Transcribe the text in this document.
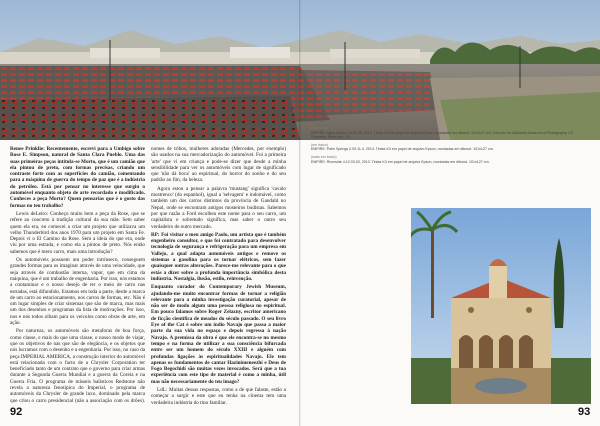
Renee Prinklie: Recentemente, escrevi para a Umbigo sobre Rose E. Simpson, natural de Santa Clara Pueblo. Uma das suas primeiras peças intitula-se Morto, que é um camião que ela pintou de preto, com formas precisas, criando um contraste forte com as superfícies do camião, comentando para a máquina de guerra do tempo de paz que é a indústria do petróleo. Está por pensar no interesse que surgiu o automóvel enquanto objeto de arte recordado e modificado. Conheces a peça Morto? Quem pensarias que é o gosto das formas no teu trabalho?

Lewis deLeiro: Conheço muito bem a peça da Rose, que se refere ao concreto à tradição cultural da sua mãe. Sem saber quem ela era, eu comecei a criar um projeto que utilizava um velho Thunderbird dos anos 1970 para um projeto em Santa Fe. Depois vi o El Camino da Rose. Sem a ideia do que era, onde viu por uma estrada, e como ela a pintou de preto. Nós então sabemos que é mero carro, mais uma introdução?

Os automóveis possuem um poder intrínseco, conseguem grandes formas para os imaginar através de uma velocidade, que seja através de combustão interna, vapor, que em cima da máquina, que é um trabalho de engenharia. Por isso, nós estamos a contaminar e o nosso desejo de ter o meio de carro nas estradas, está difundido. Estamos em toda a parte, desde a marca de um carro ao estacionamento, nos carros de formas, etc. Não é um lugar simples de criar sistemas que são de marca, mas mais um dos desenhos e programas da lista de motivações. Por isso, nos e nós todos olham para os veículos como obras de arte, em ação.

Por natureza, os automóveis são metaforas de boa força, como classe, e mais do que uma classe, o nosso modo de viajar, que os objetivos de nas que são de elegância, e os objetos que nós lucramos com o desenho e a engenharia. Por isso, no caso da peça IMPERIAL AMERICA, a construção interior do automóvel está relacionada com o facto de a Chrysler Corporation ter beneficiado tanto de um contrato que o governo para criar armas durante a Segunda Guerra Mundial e a guerra da Coreia e na Guerra Fria. O programa de mísseis balísticos Redstone não revela a natureza fenotípica do Imperial, o programa de automóveis da Chrysler de grande luxo, dominado pela marca que criou o carro presidencial (não a associação com os drôes).

nomes de tribos, mulheres adoradas (Mercedes, por exemplo) são usados na sua mercadorização do automóvel. Foi a primeira 'arte' que vi em criança e pode-se dizer que desde a minha sensibilidade para ver os automóveis com lugar de significado que 'não dá boca' ao espiritual, do horror do sonho e do seu padrão ao fim, da beleza.

Agora estou a pensar a palavra 'mustang' significa 'cavalo mostrenco' (do espanhol), igual a 'selvagem' e indomável, como também um dos carros distintos da província de Gandahl no Nepal, onde se encontram antigos mosteiros budistas. Sabemos por que razão a Ford escolheu este nome para o seu carro, um capitalista e sobretudo significa, mas saber o outro seu verdadeiro de outro mercado.

RP: Foi visitar o meu amigo Paolo, um artista que é também engenheiro consultor, e que foi contratado para desenvolver tecnologia de segurança e refrigeração para um empresa em Vallejo, a qual adapta automóveis antigos e remove os sistemas a gasolina para os tornar elétricos, sem fazer quaisquer outras alterações. Parece-me relevante para o que estás a dizer sobre a profunda importância simbólica desta indústria. Nostalgia, ilusão, estilo, reinvenção.

Enquanto curador do Contemporary Jewish Museum, ajudando-me muito encontrar formas de tornar a religião relevante para a minha investigação curatorial, apesar de não ser de modo algum uma pessoa religiosa no espiritual. Em pouco falamos sobre Roger Zelazny, escritor americano de ficção científica de meados do século passado. O seu livro Eye of the Cat é sobre um índio Navajo que passa a maior parte da sua vida no espaço e depois regressa à nação Navajo. A premissa da obra é que ele encontra-se no mesmo tempo e na forma de utilizar a sua consciência bifurcada entre ser um homem do século XXIII e alguém com profundas ligações às espiritualidades Navajo. Ele tem apenas os fundamentos de cantar Hazinimeneezhí e Deus de Fogo Begochidí são muitas vezes invocados. Será que a tua experiência com este tipo de material é como a minha, útil mas não necessariamente do teu imago?

LdL: Muitas dessas respostas, como a de que falaste, estão a começar a surgir e este que eu tenha na cinema tem uma verdadeira indústria do tipo familiar.

92
(sob cima)
EMPIRE: Agua Mansa 05.23.02, 2013. Tintas K3 em papel de arquivo Epson, montadas em dibond. 101x127 cm. Coleção do California Museum of Photography UC. Riverside. Riverside, CA.
(em baixo)
EMPIRE: Palm Springs 0.09.11.4, 2014. Tintas K3 em papel de arquivo Epson, montadas em dibond. 101x127 cm.
(mais em baixo)
EMPIRE: Riverside 4.12.03.03, 2013. Tintas K3 em papel de arquivo Epson, montadas em dibond. 101x127 cm.
93
